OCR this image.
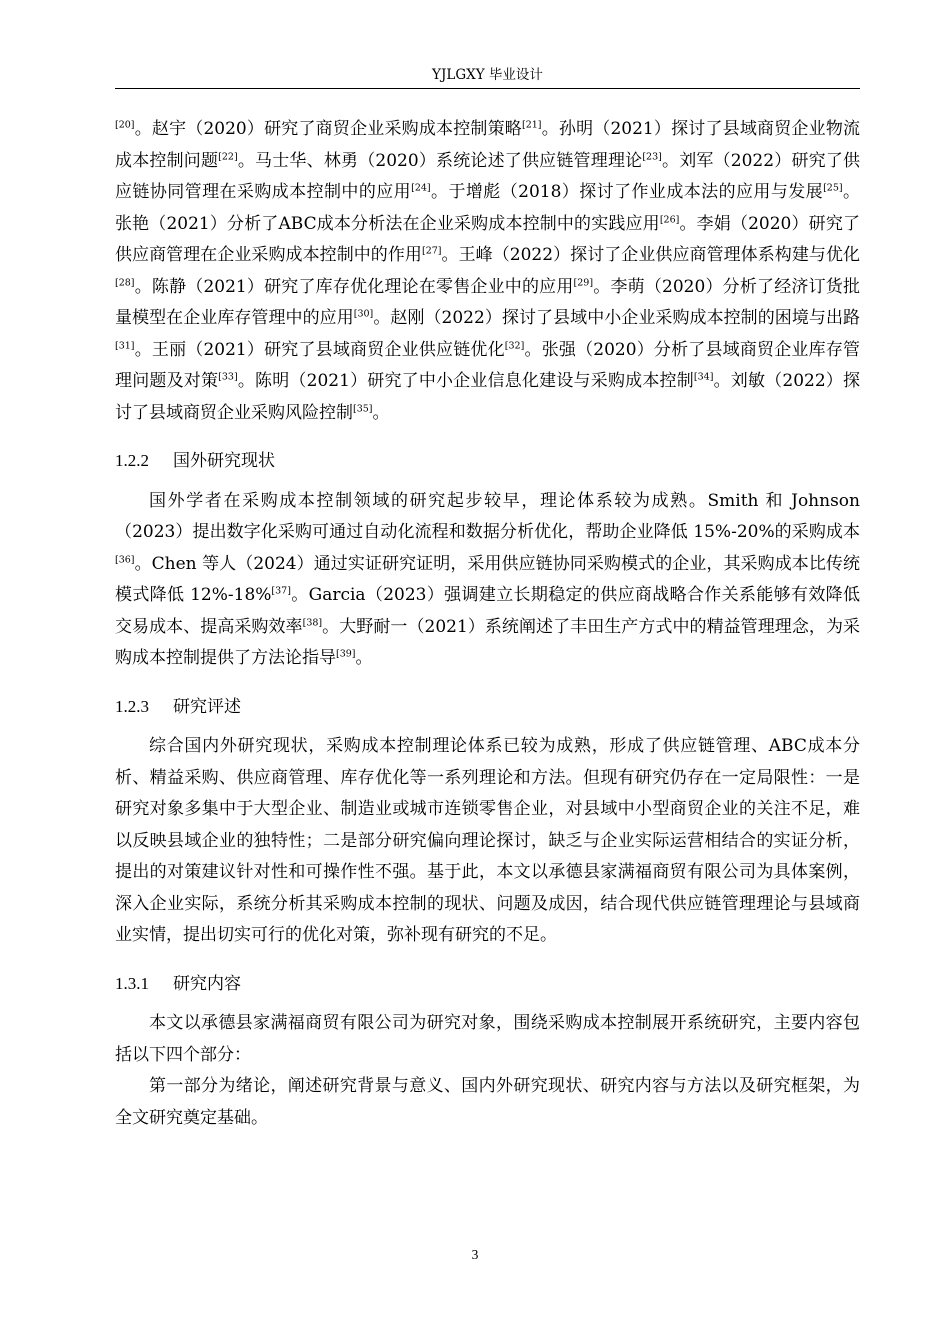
YJLGXY 毕业设计

[20]。赵宇（2020）研究了商贸企业采购成本控制策略[21]。孙明（2021）探讨了县域商贸企业物流成本控制问题[22]。马士华、林勇（2020）系统论述了供应链管理理论[23]。刘军（2022）研究了供应链协同管理在采购成本控制中的应用[24]。于增彪（2018）探讨了作业成本法的应用与发展[25]。张艳（2021）分析了ABC成本分析法在企业采购成本控制中的实践应用[26]。李娟（2020）研究了供应商管理在企业采购成本控制中的作用[27]。王峰（2022）探讨了企业供应商管理体系构建与优化[28]。陈静（2021）研究了库存优化理论在零售企业中的应用[29]。李萌（2020）分析了经济订货批量模型在企业库存管理中的应用[30]。赵刚（2022）探讨了县域中小企业采购成本控制的困境与出路[31]。王丽（2021）研究了县域商贸企业供应链优化[32]。张强（2020）分析了县域商贸企业库存管理问题及对策[33]。陈明（2021）研究了中小企业信息化建设与采购成本控制[34]。刘敏（2022）探讨了县域商贸企业采购风险控制[35]。

1.2.2 国外研究现状

国外学者在采购成本控制领域的研究起步较早，理论体系较为成熟。Smith 和 Johnson（2023）提出数字化采购可通过自动化流程和数据分析优化，帮助企业降低 15%-20%的采购成本[36]。Chen 等人（2024）通过实证研究证明，采用供应链协同采购模式的企业，其采购成本比传统模式降低 12%-18%[37]。Garcia（2023）强调建立长期稳定的供应商战略合作关系能够有效降低交易成本、提高采购效率[38]。大野耐一（2021）系统阐述了丰田生产方式中的精益管理理念，为采购成本控制提供了方法论指导[39]。

1.2.3 研究评述

综合国内外研究现状，采购成本控制理论体系已较为成熟，形成了供应链管理、ABC成本分析、精益采购、供应商管理、库存优化等一系列理论和方法。但现有研究仍存在一定局限性：一是研究对象多集中于大型企业、制造业或城市连锁零售企业，对县域中小型商贸企业的关注不足，难以反映县域企业的独特性；二是部分研究偏向理论探讨，缺乏与企业实际运营相结合的实证分析，提出的对策建议针对性和可操作性不强。基于此，本文以承德县家满福商贸有限公司为具体案例，深入企业实际，系统分析其采购成本控制的现状、问题及成因，结合现代供应链管理理论与县域商业实情，提出切实可行的优化对策，弥补现有研究的不足。

1.3.1 研究内容

本文以承德县家满福商贸有限公司为研究对象，围绕采购成本控制展开系统研究，主要内容包括以下四个部分：

第一部分为绪论，阐述研究背景与意义、国内外研究现状、研究内容与方法以及研究框架，为全文研究奠定基础。

3
